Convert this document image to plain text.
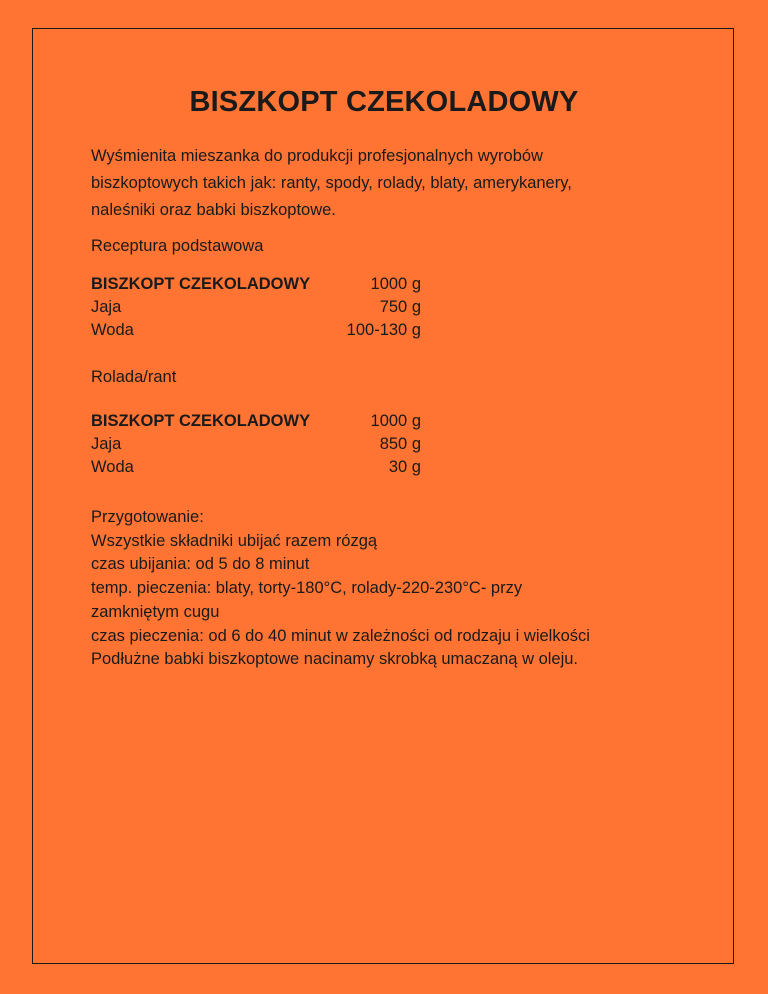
BISZKOPT CZEKOLADOWY
Wyśmienita mieszanka do produkcji profesjonalnych wyrobów
biszkoptowych takich jak: ranty, spody, rolady, blaty, amerykanery,
naleśniki oraz babki biszkoptowe.
Receptura podstawowa
BISZKOPT CZEKOLADOWY	1000 g
Jaja	750 g
Woda	100-130 g
Rolada/rant
BISZKOPT CZEKOLADOWY	1000 g
Jaja	850 g
Woda	30 g
Przygotowanie:
Wszystkie składniki ubijać razem rózgą
czas ubijania: od 5 do 8 minut
temp. pieczenia: blaty, torty-180°C, rolady-220-230°C- przy
zamkniętym cugu
czas pieczenia: od 6 do 40 minut w zależności od rodzaju i wielkości
Podłużne babki biszkoptowe nacinamy skrobką umaczaną w oleju.
